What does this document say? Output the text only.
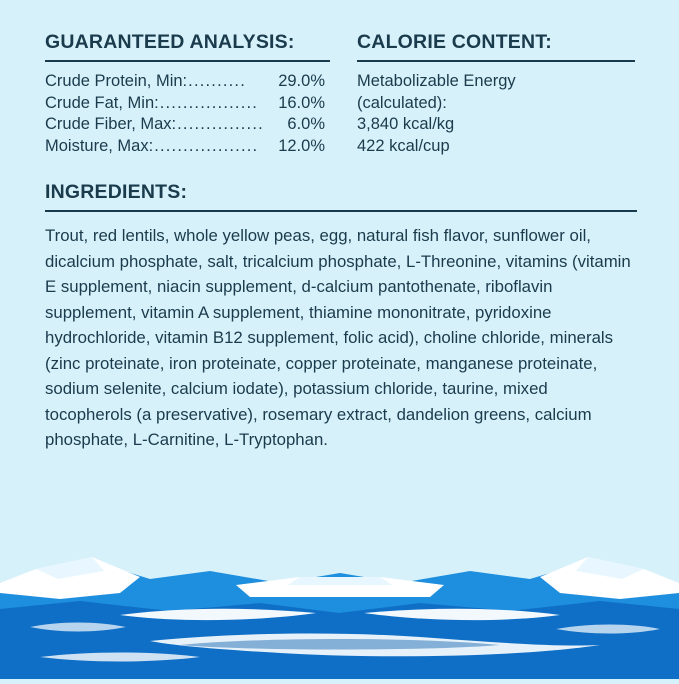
GUARANTEED ANALYSIS:
Crude Protein, Min: ..........	29.0%
Crude Fat, Min: .................	16.0%
Crude Fiber, Max: ...............	6.0%
Moisture, Max: ..................	12.0%
CALORIE CONTENT:
Metabolizable Energy
(calculated):
3,840 kcal/kg
422 kcal/cup
INGREDIENTS:
Trout, red lentils, whole yellow peas, egg, natural fish flavor, sunflower oil, dicalcium phosphate, salt, tricalcium phosphate, L-Threonine, vitamins (vitamin E supplement, niacin supplement, d-calcium pantothenate, riboflavin supplement, vitamin A supplement, thiamine mononitrate, pyridoxine hydrochloride, vitamin B12 supplement, folic acid), choline chloride, minerals (zinc proteinate, iron proteinate, copper proteinate, manganese proteinate, sodium selenite, calcium iodate), potassium chloride, taurine, mixed tocopherols (a preservative), rosemary extract, dandelion greens, calcium phosphate, L-Carnitine, L-Tryptophan.
